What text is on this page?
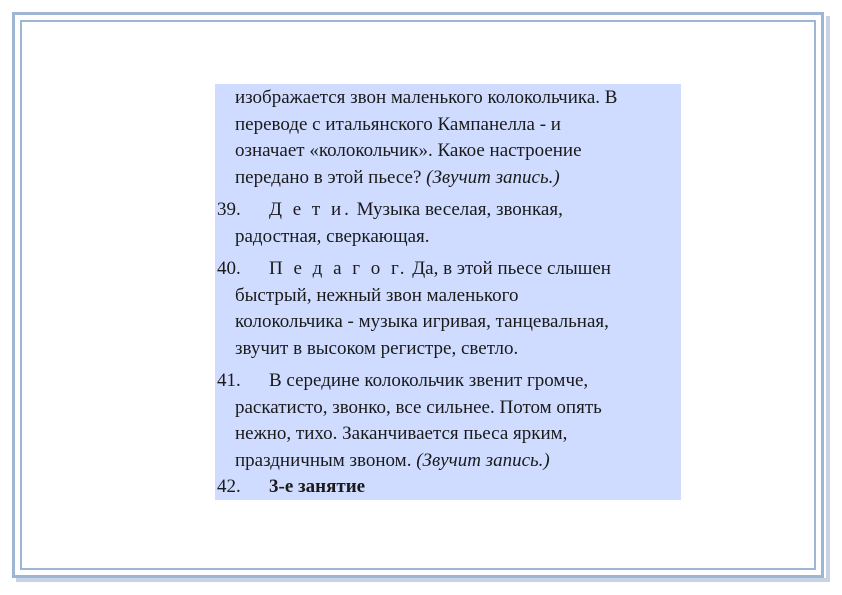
изображается звон маленького колокольчика. В
переводе с итальянского Кампанелла - и
означает «колокольчик». Какое настроение
передано в этой пьесе? (Звучит запись.)
39.	Д е т и. Музыка веселая, звонкая,
радостная, сверкающая.
40.	П е д а г о г. Да, в этой пьесе слышен
быстрый, нежный звон маленького
колокольчика - музыка игривая, танцевальная,
звучит в высоком регистре, светло.
41.	В середине колокольчик звенит громче,
раскатисто, звонко, все сильнее. Потом опять
нежно, тихо. Заканчивается пьеса ярким,
праздничным звоном. (Звучит запись.)
42.	3-е занятие
